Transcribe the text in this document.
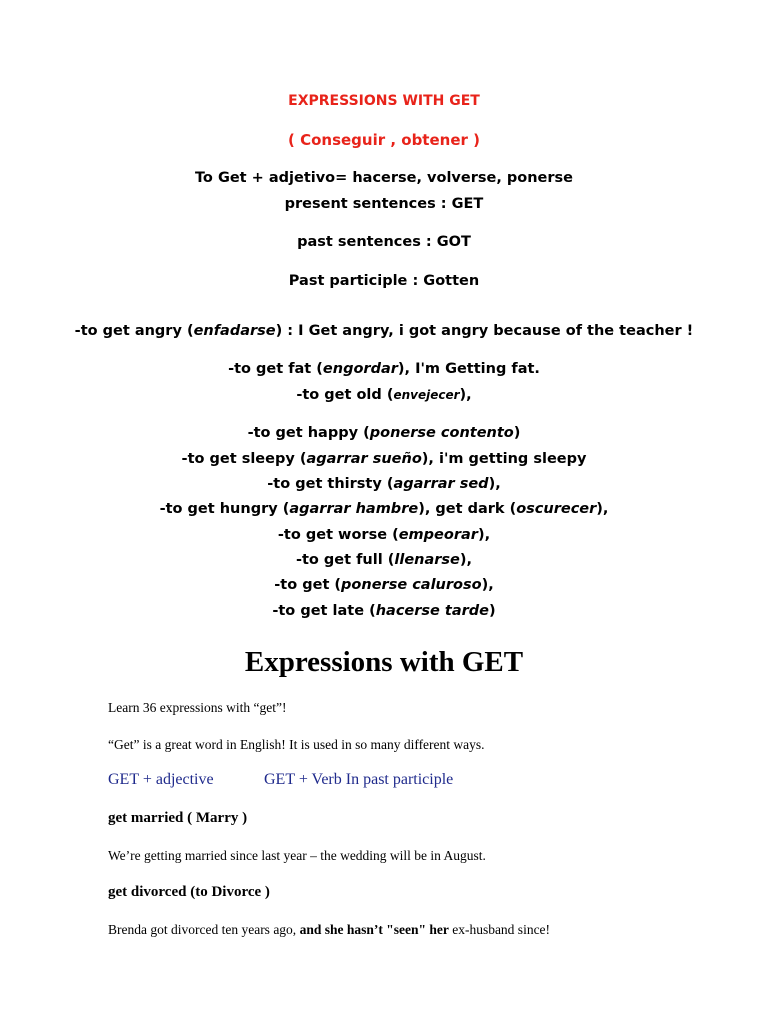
EXPRESSIONS WITH GET
( Conseguir , obtener )
To Get + adjetivo= hacerse, volverse, ponerse
present sentences : GET
past sentences : GOT
Past participle : Gotten
-to get angry (enfadarse) : I Get angry, i got angry because of the teacher !
-to get fat (engordar), I'm Getting fat.
-to get old (envejecer),
-to get happy (ponerse contento)
-to get sleepy (agarrar sueño), i'm getting sleepy
-to get thirsty (agarrar sed),
-to get hungry (agarrar hambre), get dark (oscurecer),
-to get worse (empeorar),
-to get full (llenarse),
-to get (ponerse caluroso),
-to get late (hacerse tarde)
Expressions with GET
Learn 36 expressions with “get”!
“Get” is a great word in English! It is used in so many different ways.
GET + adjective	GET + Verb In past participle
get married ( Marry )
We’re getting married since last year – the wedding will be in August.
get divorced (to Divorce )
Brenda got divorced ten years ago, and she hasn’t "seen" her ex-husband since!
